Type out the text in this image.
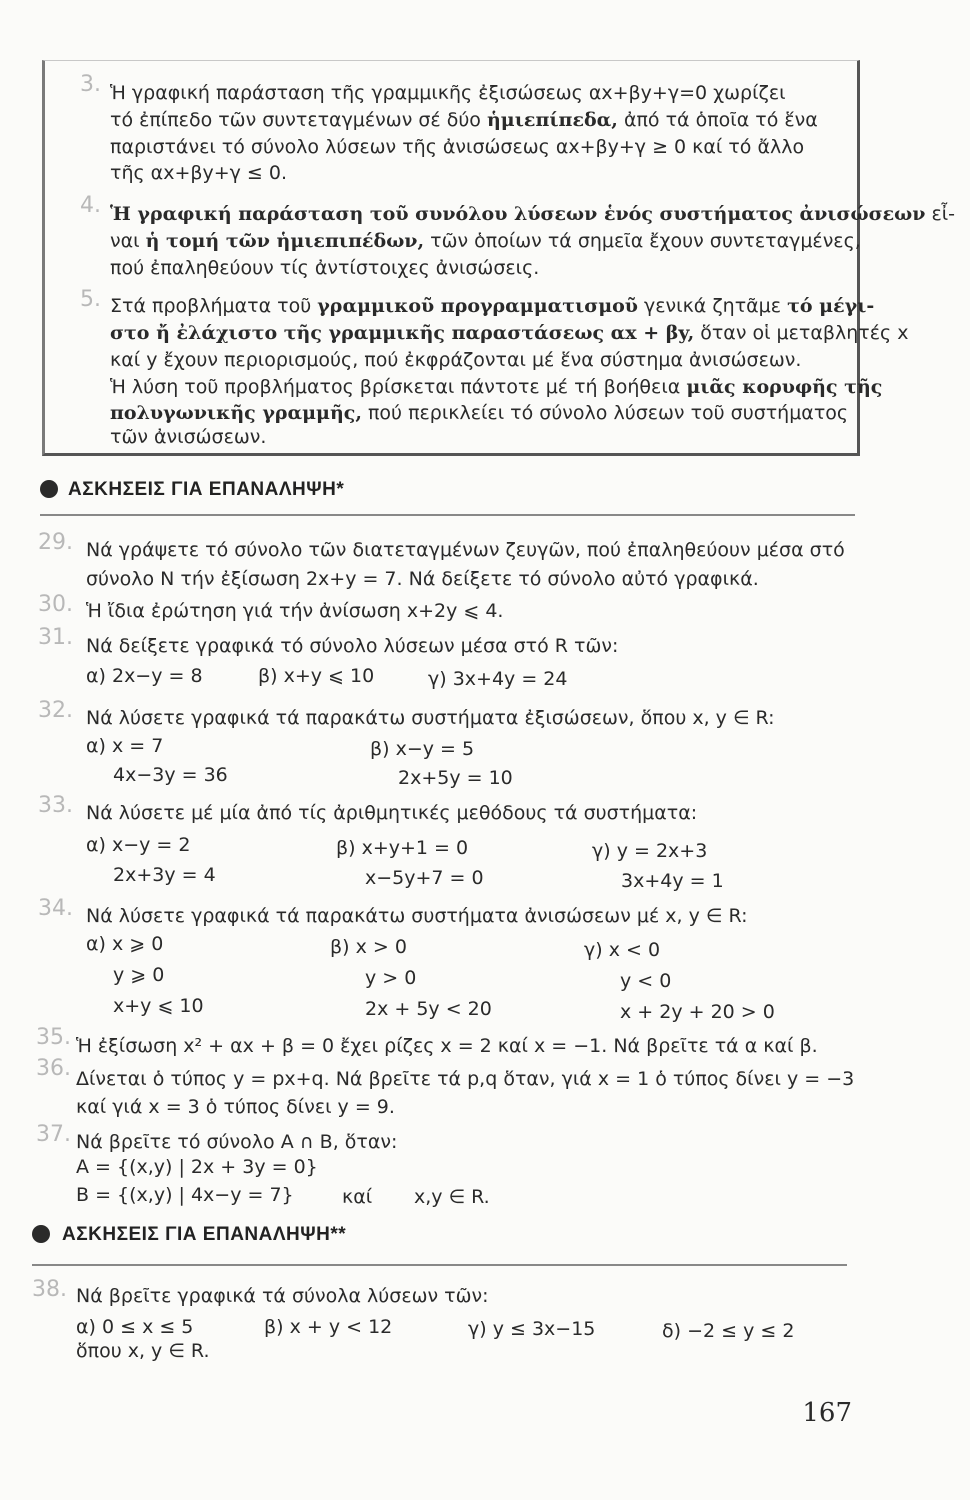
3. Ἡ γραφική παράσταση τῆς γραμμικῆς ἐξισώσεως αx+βy+γ=0 χωρίζει
τό ἐπίπεδο τῶν συντεταγμένων σέ δύο ἡμιεπίπεδα, ἀπό τά ὁποῖα τό ἕνα
παριστάνει τό σύνολο λύσεων τῆς ἀνισώσεως αx+βy+γ ≥ 0 καί τό ἄλλο
τῆς αx+βy+γ ≤ 0.
4. Ἡ γραφική παράσταση τοῦ συνόλου λύσεων ἑνός συστήματος ἀνισώσεων εἶ-
ναι ἡ τομή τῶν ἡμιεπιπέδων, τῶν ὁποίων τά σημεῖα ἔχουν συντεταγμένες,
πού ἐπαληθεύουν τίς ἀντίστοιχες ἀνισώσεις.
5. Στά προβλήματα τοῦ γραμμικοῦ προγραμματισμοῦ γενικά ζητᾶμε τό μέγι-
στο ἤ ἐλάχιστο τῆς γραμμικῆς παραστάσεως αx + βy, ὅταν οἱ μεταβλητές x
καί y ἔχουν περιορισμούς, πού ἐκφράζονται μέ ἕνα σύστημα ἀνισώσεων.
Ἡ λύση τοῦ προβλήματος βρίσκεται πάντοτε μέ τή βοήθεια μιᾶς κορυφῆς τῆς
πολυγωνικῆς γραμμῆς, πού περικλείει τό σύνολο λύσεων τοῦ συστήματος
τῶν ἀνισώσεων.
ΑΣΚΗΣΕΙΣ ΓΙΑ ΕΠΑΝΑΛΗΨΗ*
29. Νά γράψετε τό σύνολο τῶν διατεταγμένων ζευγῶν, πού ἐπαληθεύουν μέσα στό
σύνολο N τήν ἐξίσωση 2x+y = 7. Νά δείξετε τό σύνολο αὐτό γραφικά.
30. Ἡ ἴδια ἐρώτηση γιά τήν ἀνίσωση x+2y ⩽ 4.
31. Νά δείξετε γραφικά τό σύνολο λύσεων μέσα στό R τῶν:
α) 2x−y = 8	β) x+y ⩽ 10	γ) 3x+4y = 24
32. Νά λύσετε γραφικά τά παρακάτω συστήματα ἐξισώσεων, ὅπου x, y ∈ R:
α) x = 7
4x−3y = 36
β) x−y = 5
2x+5y = 10
33. Νά λύσετε μέ μία ἀπό τίς ἀριθμητικές μεθόδους τά συστήματα:
α) x−y = 2
2x+3y = 4
β) x+y+1 = 0
x−5y+7 = 0
γ) y = 2x+3
3x+4y = 1
34. Νά λύσετε γραφικά τά παρακάτω συστήματα ἀνισώσεων μέ x, y ∈ R:
α) x ⩾ 0
y ⩾ 0
x+y ⩽ 10
β) x > 0
y > 0
2x + 5y < 20
γ) x < 0
y < 0
x + 2y + 20 > 0
35. Ἡ ἐξίσωση x² + αx + β = 0 ἔχει ρίζες x = 2 καί x = −1. Νά βρεῖτε τά α καί β.
36. Δίνεται ὁ τύπος y = px+q. Νά βρεῖτε τά p,q ὅταν, γιά x = 1 ὁ τύπος δίνει y = −3
καί γιά x = 3 ὁ τύπος δίνει y = 9.
37. Νά βρεῖτε τό σύνολο A ∩ B, ὅταν:
A = {(x,y) | 2x + 3y = 0}
B = {(x,y) | 4x−y = 7}	καί x,y ∈ R.
ΑΣΚΗΣΕΙΣ ΓΙΑ ΕΠΑΝΑΛΗΨΗ**
38. Νά βρεῖτε γραφικά τά σύνολα λύσεων τῶν:
α) 0 ≤ x ≤ 5	β) x + y < 12	γ) y ≤ 3x−15	δ) −2 ≤ y ≤ 2
ὅπου x, y ∈ R.
167
